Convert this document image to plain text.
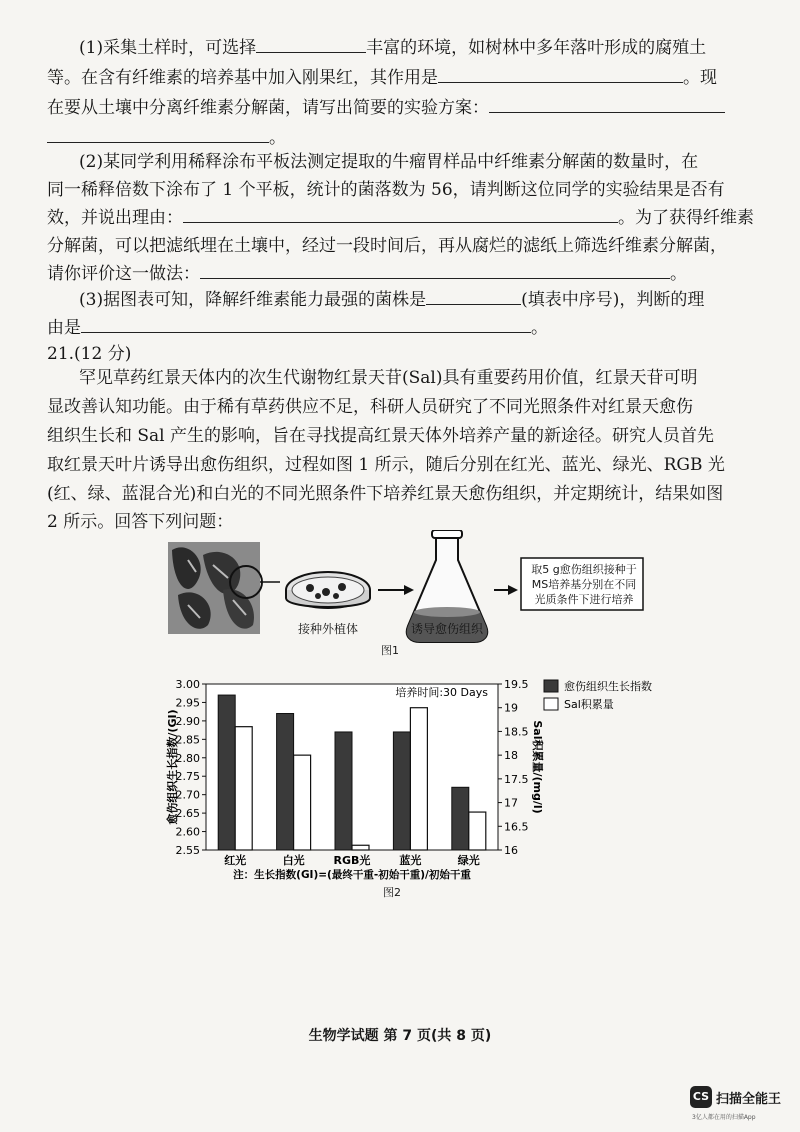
(1)采集土样时，可选择	丰富的环境，如树林中多年落叶形成的腐殖土
等。在含有纤维素的培养基中加入刚果红，其作用是	。现
在要从土壤中分离纤维素分解菌，请写出简要的实验方案：
。
(2)某同学利用稀释涂布平板法测定提取的牛瘤胃样品中纤维素分解菌的数量时，在
同一稀释倍数下涂布了 1 个平板，统计的菌落数为 56，请判断这位同学的实验结果是否有
效，并说出理由：	。为了获得纤维素
分解菌，可以把滤纸埋在土壤中，经过一段时间后，再从腐烂的滤纸上筛选纤维素分解菌，
请你评价这一做法：	。
(3)据图表可知，降解纤维素能力最强的菌株是	(填表中序号)，判断的理
由是	。
21.(12 分)
罕见草药红景天体内的次生代谢物红景天苷(Sal)具有重要药用价值，红景天苷可明
显改善认知功能。由于稀有草药供应不足，科研人员研究了不同光照条件对红景天愈伤
组织生长和 Sal 产生的影响，旨在寻找提高红景天体外培养产量的新途径。研究人员首先
取红景天叶片诱导出愈伤组织，过程如图 1 所示，随后分别在红光、蓝光、绿光、RGB 光
(红、绿、蓝混合光)和白光的不同光照条件下培养红景天愈伤组织，并定期统计，结果如图
2 所示。回答下列问题：
取5 g愈伤组织接种于
MS培养基分别在不同
光质条件下进行培养
接种外植体	诱导愈伤组织
图1
3.00
2.95
2.90
2.85
2.80
2.75
2.70
2.65
2.60
2.55
19.5
19
18.5
18
17.5
17
16.5
16
红光	白光	RGB光	蓝光	绿光
愈伤组织生长指数/(GI)	Sal积累量/(mg/l)
培养时间:30 Days	愈伤组织生长指数
Sal积累量
注：生长指数(GI)=(最终干重-初始干重)/初始干重
图2
生物学试题 第 7 页(共 8 页)
CS 扫描全能王
3亿人都在用的扫描App
